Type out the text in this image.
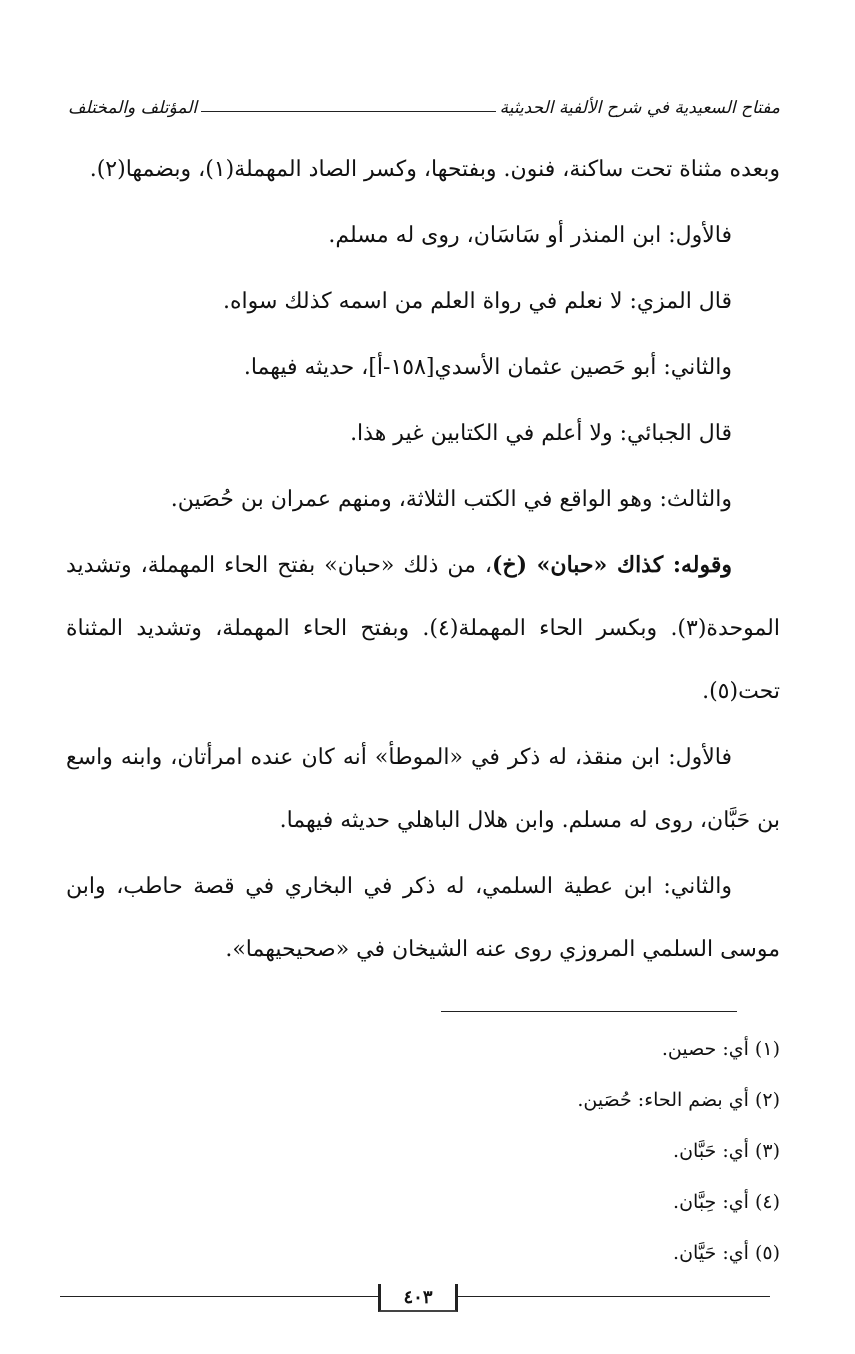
مفتاح السعيدية في شرح الألفية الحديثية
المؤتلف والمختلف

وبعده مثناة تحت ساكنة، فنون. وبفتحها، وكسر الصاد المهملة(١)، وبضمها(٢).

فالأول: ابن المنذر أو سَاسَان، روى له مسلم.

قال المزي: لا نعلم في رواة العلم من اسمه كذلك سواه.

والثاني: أبو حَصين عثمان الأسدي[١٥٨-أ]، حديثه فيهما.

قال الجبائي: ولا أعلم في الكتابين غير هذا.

والثالث: وهو الواقع في الكتب الثلاثة، ومنهم عمران بن حُصَين.

وقوله: كذاك «حبان» (خ)، من ذلك «حبان» بفتح الحاء المهملة، وتشديد الموحدة(٣). وبكسر الحاء المهملة(٤). وبفتح الحاء المهملة، وتشديد المثناة تحت(٥).

فالأول: ابن منقذ، له ذكر في «الموطأ» أنه كان عنده امرأتان، وابنه واسع بن حَبَّان، روى له مسلم. وابن هلال الباهلي حديثه فيهما.

والثاني: ابن عطية السلمي، له ذكر في البخاري في قصة حاطب، وابن موسى السلمي المروزي روى عنه الشيخان في «صحيحيهما».

(١) أي: حصين.

(٢) أي بضم الحاء: حُصَين.

(٣) أي: حَبَّان.

(٤) أي: حِبَّان.

(٥) أي: حَيَّان.

٤٠٣
